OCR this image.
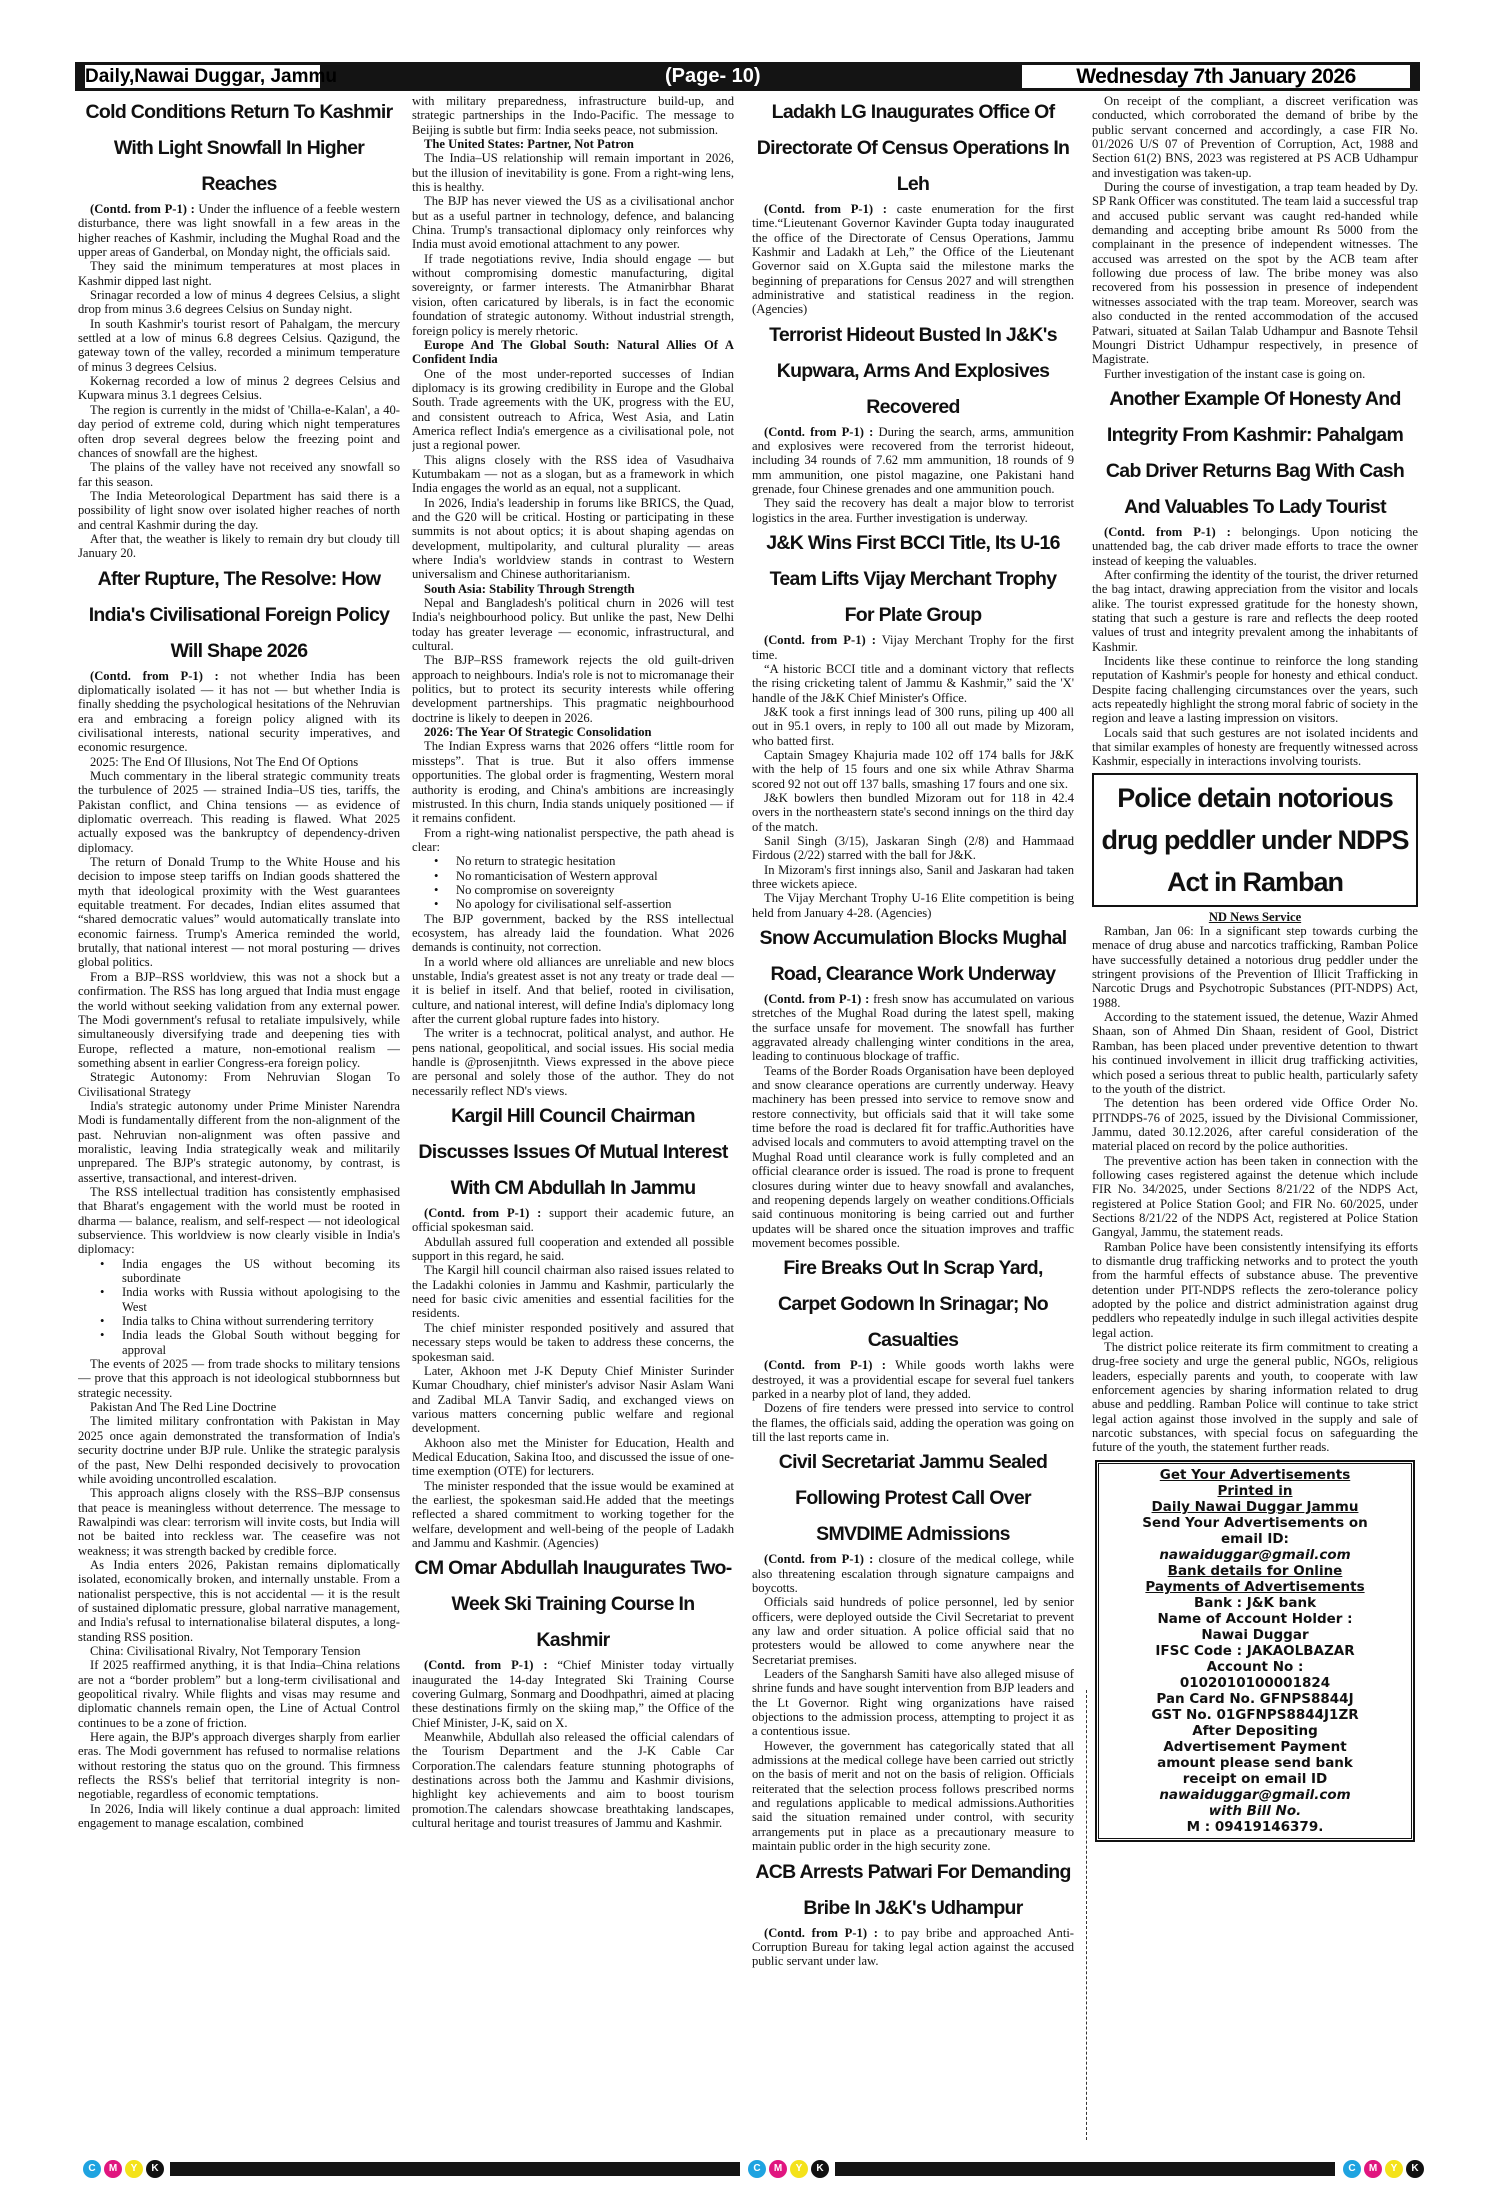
Daily,Nawai Duggar, Jammu	(Page- 10)	Wednesday 7th January 2026
Cold Conditions Return To Kashmir With Light Snowfall In Higher Reaches

(Contd. from P-1) : Under the influence of a feeble western disturbance, there was light snowfall in a few areas in the higher reaches of Kashmir, including the Mughal Road and the upper areas of Ganderbal, on Monday night, the officials said.

They said the minimum temperatures at most places in Kashmir dipped last night.

Srinagar recorded a low of minus 4 degrees Celsius, a slight drop from minus 3.6 degrees Celsius on Sunday night.

In south Kashmir's tourist resort of Pahalgam, the mercury settled at a low of minus 6.8 degrees Celsius. Qazigund, the gateway town of the valley, recorded a minimum temperature of minus 3 degrees Celsius.

Kokernag recorded a low of minus 2 degrees Celsius and Kupwara minus 3.1 degrees Celsius.

The region is currently in the midst of 'Chilla-e-Kalan', a 40-day period of extreme cold, during which night temperatures often drop several degrees below the freezing point and chances of snowfall are the highest.

The plains of the valley have not received any snowfall so far this season.

The India Meteorological Department has said there is a possibility of light snow over isolated higher reaches of north and central Kashmir during the day.

After that, the weather is likely to remain dry but cloudy till January 20.

After Rupture, The Resolve: How India's Civilisational Foreign Policy Will Shape 2026

(Contd. from P-1) : not whether India has been diplomatically isolated — it has not — but whether India is finally shedding the psychological hesitations of the Nehruvian era and embracing a foreign policy aligned with its civilisational interests, national security imperatives, and economic resurgence.

2025: The End Of Illusions, Not The End Of Options

Much commentary in the liberal strategic community treats the turbulence of 2025 — strained India–US ties, tariffs, the Pakistan conflict, and China tensions — as evidence of diplomatic overreach. This reading is flawed. What 2025 actually exposed was the bankruptcy of dependency-driven diplomacy.

The return of Donald Trump to the White House and his decision to impose steep tariffs on Indian goods shattered the myth that ideological proximity with the West guarantees equitable treatment. For decades, Indian elites assumed that “shared democratic values” would automatically translate into economic fairness. Trump's America reminded the world, brutally, that national interest — not moral posturing — drives global politics.

From a BJP–RSS worldview, this was not a shock but a confirmation. The RSS has long argued that India must engage the world without seeking validation from any external power. The Modi government's refusal to retaliate impulsively, while simultaneously diversifying trade and deepening ties with Europe, reflected a mature, non-emotional realism — something absent in earlier Congress-era foreign policy.

Strategic Autonomy: From Nehruvian Slogan To Civilisational Strategy

India's strategic autonomy under Prime Minister Narendra Modi is fundamentally different from the non-alignment of the past. Nehruvian non-alignment was often passive and moralistic, leaving India strategically weak and militarily unprepared. The BJP's strategic autonomy, by contrast, is assertive, transactional, and interest-driven.

The RSS intellectual tradition has consistently emphasised that Bharat's engagement with the world must be rooted in dharma — balance, realism, and self-respect — not ideological subservience. This worldview is now clearly visible in India's diplomacy:

• India engages the US without becoming its subordinate

• India works with Russia without apologising to the West

• India talks to China without surrendering territory

• India leads the Global South without begging for approval

The events of 2025 — from trade shocks to military tensions — prove that this approach is not ideological stubbornness but strategic necessity.

Pakistan And The Red Line Doctrine

The limited military confrontation with Pakistan in May 2025 once again demonstrated the transformation of India's security doctrine under BJP rule. Unlike the strategic paralysis of the past, New Delhi responded decisively to provocation while avoiding uncontrolled escalation.

This approach aligns closely with the RSS–BJP consensus that peace is meaningless without deterrence. The message to Rawalpindi was clear: terrorism will invite costs, but India will not be baited into reckless war. The ceasefire was not weakness; it was strength backed by credible force.

As India enters 2026, Pakistan remains diplomatically isolated, economically broken, and internally unstable. From a nationalist perspective, this is not accidental — it is the result of sustained diplomatic pressure, global narrative management, and India's refusal to internationalise bilateral disputes, a long-standing RSS position.

China: Civilisational Rivalry, Not Temporary Tension

If 2025 reaffirmed anything, it is that India–China relations are not a “border problem” but a long-term civilisational and geopolitical rivalry. While flights and visas may resume and diplomatic channels remain open, the Line of Actual Control continues to be a zone of friction.

Here again, the BJP's approach diverges sharply from earlier eras. The Modi government has refused to normalise relations without restoring the status quo on the ground. This firmness reflects the RSS's belief that territorial integrity is non-negotiable, regardless of economic temptations.

In 2026, India will likely continue a dual approach: limited engagement to manage escalation, combined

with military preparedness, infrastructure build-up, and strategic partnerships in the Indo-Pacific. The message to Beijing is subtle but firm: India seeks peace, not submission.

The United States: Partner, Not Patron

The India–US relationship will remain important in 2026, but the illusion of inevitability is gone. From a right-wing lens, this is healthy.

The BJP has never viewed the US as a civilisational anchor but as a useful partner in technology, defence, and balancing China. Trump's transactional diplomacy only reinforces why India must avoid emotional attachment to any power.

If trade negotiations revive, India should engage — but without compromising domestic manufacturing, digital sovereignty, or farmer interests. The Atmanirbhar Bharat vision, often caricatured by liberals, is in fact the economic foundation of strategic autonomy. Without industrial strength, foreign policy is merely rhetoric.

Europe And The Global South: Natural Allies Of A Confident India

One of the most under-reported successes of Indian diplomacy is its growing credibility in Europe and the Global South. Trade agreements with the UK, progress with the EU, and consistent outreach to Africa, West Asia, and Latin America reflect India's emergence as a civilisational pole, not just a regional power.

This aligns closely with the RSS idea of Vasudhaiva Kutumbakam — not as a slogan, but as a framework in which India engages the world as an equal, not a supplicant.

In 2026, India's leadership in forums like BRICS, the Quad, and the G20 will be critical. Hosting or participating in these summits is not about optics; it is about shaping agendas on development, multipolarity, and cultural plurality — areas where India's worldview stands in contrast to Western universalism and Chinese authoritarianism.

South Asia: Stability Through Strength

Nepal and Bangladesh's political churn in 2026 will test India's neighbourhood policy. But unlike the past, New Delhi today has greater leverage — economic, infrastructural, and cultural.

The BJP–RSS framework rejects the old guilt-driven approach to neighbours. India's role is not to micromanage their politics, but to protect its security interests while offering development partnerships. This pragmatic neighbourhood doctrine is likely to deepen in 2026.

2026: The Year Of Strategic Consolidation

The Indian Express warns that 2026 offers “little room for missteps”. That is true. But it also offers immense opportunities. The global order is fragmenting, Western moral authority is eroding, and China's ambitions are increasingly mistrusted. In this churn, India stands uniquely positioned — if it remains confident.

From a right-wing nationalist perspective, the path ahead is clear:

• No return to strategic hesitation

• No romanticisation of Western approval

• No compromise on sovereignty

• No apology for civilisational self-assertion

The BJP government, backed by the RSS intellectual ecosystem, has already laid the foundation. What 2026 demands is continuity, not correction.

In a world where old alliances are unreliable and new blocs unstable, India's greatest asset is not any treaty or trade deal — it is belief in itself. And that belief, rooted in civilisation, culture, and national interest, will define India's diplomacy long after the current global rupture fades into history.

The writer is a technocrat, political analyst, and author. He pens national, geopolitical, and social issues. His social media handle is @prosenjitnth. Views expressed in the above piece are personal and solely those of the author. They do not necessarily reflect ND's views.

Kargil Hill Council Chairman Discusses Issues Of Mutual Interest With CM Abdullah In Jammu

(Contd. from P-1) : support their academic future, an official spokesman said.

Abdullah assured full cooperation and extended all possible support in this regard, he said.

The Kargil hill council chairman also raised issues related to the Ladakhi colonies in Jammu and Kashmir, particularly the need for basic civic amenities and essential facilities for the residents.

The chief minister responded positively and assured that necessary steps would be taken to address these concerns, the spokesman said.

Later, Akhoon met J-K Deputy Chief Minister Surinder Kumar Choudhary, chief minister's advisor Nasir Aslam Wani and Zadibal MLA Tanvir Sadiq, and exchanged views on various matters concerning public welfare and regional development.

Akhoon also met the Minister for Education, Health and Medical Education, Sakina Itoo, and discussed the issue of one-time exemption (OTE) for lecturers.

The minister responded that the issue would be examined at the earliest, the spokesman said.He added that the meetings reflected a shared commitment to working together for the welfare, development and well-being of the people of Ladakh and Jammu and Kashmir. (Agencies)

CM Omar Abdullah Inaugurates Two-Week Ski Training Course In Kashmir

(Contd. from P-1) : “Chief Minister today virtually inaugurated the 14-day Integrated Ski Training Course covering Gulmarg, Sonmarg and Doodhpathri, aimed at placing these destinations firmly on the skiing map,” the Office of the Chief Minister, J-K, said on X.

Meanwhile, Abdullah also released the official calendars of the Tourism Department and the J-K Cable Car Corporation.The calendars feature stunning photographs of destinations across both the Jammu and Kashmir divisions, highlight key achievements and aim to boost tourism promotion.The calendars showcase breathtaking landscapes, cultural heritage and tourist treasures of Jammu and Kashmir.

Ladakh LG Inaugurates Office Of Directorate Of Census Operations In Leh

(Contd. from P-1) : caste enumeration for the first time.“Lieutenant Governor Kavinder Gupta today inaugurated the office of the Directorate of Census Operations, Jammu Kashmir and Ladakh at Leh,” the Office of the Lieutenant Governor said on X.Gupta said the milestone marks the beginning of preparations for Census 2027 and will strengthen administrative and statistical readiness in the region. (Agencies)

Terrorist Hideout Busted In J&K's Kupwara, Arms And Explosives Recovered

(Contd. from P-1) : During the search, arms, ammunition and explosives were recovered from the terrorist hideout, including 34 rounds of 7.62 mm ammunition, 18 rounds of 9 mm ammunition, one pistol magazine, one Pakistani hand grenade, four Chinese grenades and one ammunition pouch.

They said the recovery has dealt a major blow to terrorist logistics in the area. Further investigation is underway.

J&K Wins First BCCI Title, Its U-16 Team Lifts Vijay Merchant Trophy For Plate Group

(Contd. from P-1) : Vijay Merchant Trophy for the first time.

“A historic BCCI title and a dominant victory that reflects the rising cricketing talent of Jammu & Kashmir,” said the 'X' handle of the J&K Chief Minister's Office.

J&K took a first innings lead of 300 runs, piling up 400 all out in 95.1 overs, in reply to 100 all out made by Mizoram, who batted first.

Captain Smagey Khajuria made 102 off 174 balls for J&K with the help of 15 fours and one six while Athrav Sharma scored 92 not out off 137 balls, smashing 17 fours and one six.

J&K bowlers then bundled Mizoram out for 118 in 42.4 overs in the northeastern state's second innings on the third day of the match.

Sanil Singh (3/15), Jaskaran Singh (2/8) and Hammaad Firdous (2/22) starred with the ball for J&K.

In Mizoram's first innings also, Sanil and Jaskaran had taken three wickets apiece.

The Vijay Merchant Trophy U-16 Elite competition is being held from January 4-28. (Agencies)

Snow Accumulation Blocks Mughal Road, Clearance Work Underway

(Contd. from P-1) : fresh snow has accumulated on various stretches of the Mughal Road during the latest spell, making the surface unsafe for movement. The snowfall has further aggravated already challenging winter conditions in the area, leading to continuous blockage of traffic.

Teams of the Border Roads Organisation have been deployed and snow clearance operations are currently underway. Heavy machinery has been pressed into service to remove snow and restore connectivity, but officials said that it will take some time before the road is declared fit for traffic.Authorities have advised locals and commuters to avoid attempting travel on the Mughal Road until clearance work is fully completed and an official clearance order is issued. The road is prone to frequent closures during winter due to heavy snowfall and avalanches, and reopening depends largely on weather conditions.Officials said continuous monitoring is being carried out and further updates will be shared once the situation improves and traffic movement becomes possible.

Fire Breaks Out In Scrap Yard, Carpet Godown In Srinagar; No Casualties

(Contd. from P-1) : While goods worth lakhs were destroyed, it was a providential escape for several fuel tankers parked in a nearby plot of land, they added.

Dozens of fire tenders were pressed into service to control the flames, the officials said, adding the operation was going on till the last reports came in.

Civil Secretariat Jammu Sealed Following Protest Call Over SMVDIME Admissions

(Contd. from P-1) : closure of the medical college, while also threatening escalation through signature campaigns and boycotts.

Officials said hundreds of police personnel, led by senior officers, were deployed outside the Civil Secretariat to prevent any law and order situation. A police official said that no protesters would be allowed to come anywhere near the Secretariat premises.

Leaders of the Sangharsh Samiti have also alleged misuse of shrine funds and have sought intervention from BJP leaders and the Lt Governor. Right wing organizations have raised objections to the admission process, attempting to project it as a contentious issue.

However, the government has categorically stated that all admissions at the medical college have been carried out strictly on the basis of merit and not on the basis of religion. Officials reiterated that the selection process follows prescribed norms and regulations applicable to medical admissions.Authorities said the situation remained under control, with security arrangements put in place as a precautionary measure to maintain public order in the high security zone.

ACB Arrests Patwari For Demanding Bribe In J&K's Udhampur

(Contd. from P-1) : to pay bribe and approached Anti-Corruption Bureau for taking legal action against the accused public servant under law.

On receipt of the compliant, a discreet verification was conducted, which corroborated the demand of bribe by the public servant concerned and accordingly, a case FIR No. 01/2026 U/S 07 of Prevention of Corruption, Act, 1988 and Section 61(2) BNS, 2023 was registered at PS ACB Udhampur and investigation was taken-up.

During the course of investigation, a trap team headed by Dy. SP Rank Officer was constituted. The team laid a successful trap and accused public servant was caught red-handed while demanding and accepting bribe amount Rs 5000 from the complainant in the presence of independent witnesses. The accused was arrested on the spot by the ACB team after following due process of law. The bribe money was also recovered from his possession in presence of independent witnesses associated with the trap team. Moreover, search was also conducted in the rented accommodation of the accused Patwari, situated at Sailan Talab Udhampur and Basnote Tehsil Moungri District Udhampur respectively, in presence of Magistrate.

Further investigation of the instant case is going on.

Another Example Of Honesty And Integrity From Kashmir: Pahalgam Cab Driver Returns Bag With Cash And Valuables To Lady Tourist

(Contd. from P-1) : belongings. Upon noticing the unattended bag, the cab driver made efforts to trace the owner instead of keeping the valuables.

After confirming the identity of the tourist, the driver returned the bag intact, drawing appreciation from the visitor and locals alike. The tourist expressed gratitude for the honesty shown, stating that such a gesture is rare and reflects the deep rooted values of trust and integrity prevalent among the inhabitants of Kashmir.

Incidents like these continue to reinforce the long standing reputation of Kashmir's people for honesty and ethical conduct. Despite facing challenging circumstances over the years, such acts repeatedly highlight the strong moral fabric of society in the region and leave a lasting impression on visitors.

Locals said that such gestures are not isolated incidents and that similar examples of honesty are frequently witnessed across Kashmir, especially in interactions involving tourists.

Police detain notorious drug peddler under NDPS Act in Ramban

ND News Service

Ramban, Jan 06: In a significant step towards curbing the menace of drug abuse and narcotics trafficking, Ramban Police have successfully detained a notorious drug peddler under the stringent provisions of the Prevention of Illicit Trafficking in Narcotic Drugs and Psychotropic Substances (PIT-NDPS) Act, 1988.

According to the statement issued, the detenue, Wazir Ahmed Shaan, son of Ahmed Din Shaan, resident of Gool, District Ramban, has been placed under preventive detention to thwart his continued involvement in illicit drug trafficking activities, which posed a serious threat to public health, particularly safety to the youth of the district.

The detention has been ordered vide Office Order No. PITNDPS-76 of 2025, issued by the Divisional Commissioner, Jammu, dated 30.12.2026, after careful consideration of the material placed on record by the police authorities.

The preventive action has been taken in connection with the following cases registered against the detenue which include FIR No. 34/2025, under Sections 8/21/22 of the NDPS Act, registered at Police Station Gool; and FIR No. 60/2025, under Sections 8/21/22 of the NDPS Act, registered at Police Station Gangyal, Jammu, the statement reads.

Ramban Police have been consistently intensifying its efforts to dismantle drug trafficking networks and to protect the youth from the harmful effects of substance abuse. The preventive detention under PIT-NDPS reflects the zero-tolerance policy adopted by the police and district administration against drug peddlers who repeatedly indulge in such illegal activities despite legal action.

The district police reiterate its firm commitment to creating a drug-free society and urge the general public, NGOs, religious leaders, especially parents and youth, to cooperate with law enforcement agencies by sharing information related to drug abuse and peddling. Ramban Police will continue to take strict legal action against those involved in the supply and sale of narcotic substances, with special focus on safeguarding the future of the youth, the statement further reads.

Get Your Advertisements
Printed in
Daily Nawai Duggar Jammu
Send Your Advertisements on
email ID:
nawaiduggar@gmail.com
Bank details for Online
Payments of Advertisements
Bank : J&K bank
Name of Account Holder :
Nawai Duggar
IFSC Code : JAKAOLBAZAR
Account No :
0102010100001824
Pan Card No. GFNPS8844J
GST No. 01GFNPS8844J1ZR
After Depositing
Advertisement Payment
amount please send bank
receipt on email ID
nawaiduggar@gmail.com
with Bill No.
M : 09419146379.
C	M	Y	K	C	M	Y	K	C	M	Y	K
